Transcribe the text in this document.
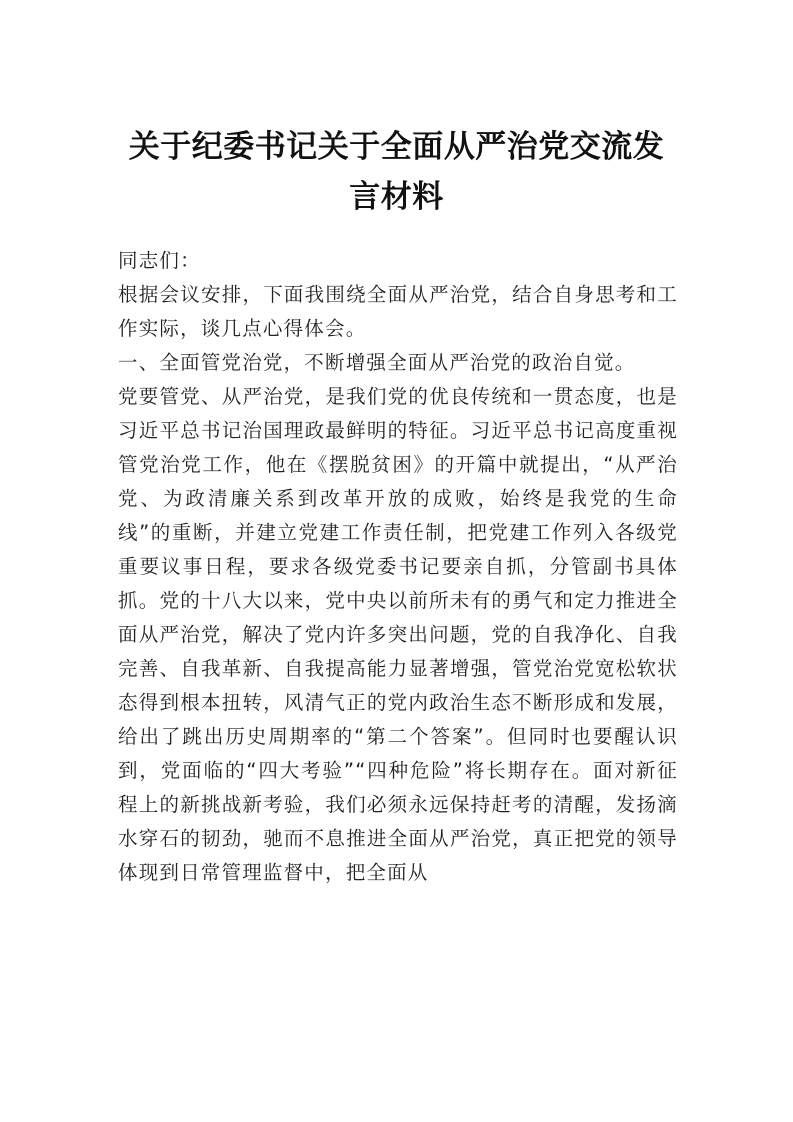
关于纪委书记关于全面从严治党交流发言材料

同志们：

根据会议安排，下面我围绕全面从严治党，结合自身思考和工作实际，谈几点心得体会。

一、全面管党治党，不断增强全面从严治党的政治自觉。

党要管党、从严治党，是我们党的优良传统和一贯态度，也是习近平总书记治国理政最鲜明的特征。习近平总书记高度重视管党治党工作，他在《摆脱贫困》的开篇中就提出，“从严治党、为政清廉关系到改革开放的成败，始终是我党的生命线”的重断，并建立党建工作责任制，把党建工作列入各级党重要议事日程，要求各级党委书记要亲自抓，分管副书具体抓。党的十八大以来，党中央以前所未有的勇气和定力推进全面从严治党，解决了党内许多突出问题，党的自我净化、自我完善、自我革新、自我提高能力显著增强，管党治党宽松软状态得到根本扭转，风清气正的党内政治生态不断形成和发展，给出了跳出历史周期率的“第二个答案”。但同时也要醒认识到，党面临的“四大考验”“四种危险”将长期存在。面对新征程上的新挑战新考验，我们必须永远保持赶考的清醒，发扬滴水穿石的韧劲，驰而不息推进全面从严治党，真正把党的领导体现到日常管理监督中，把全面从
